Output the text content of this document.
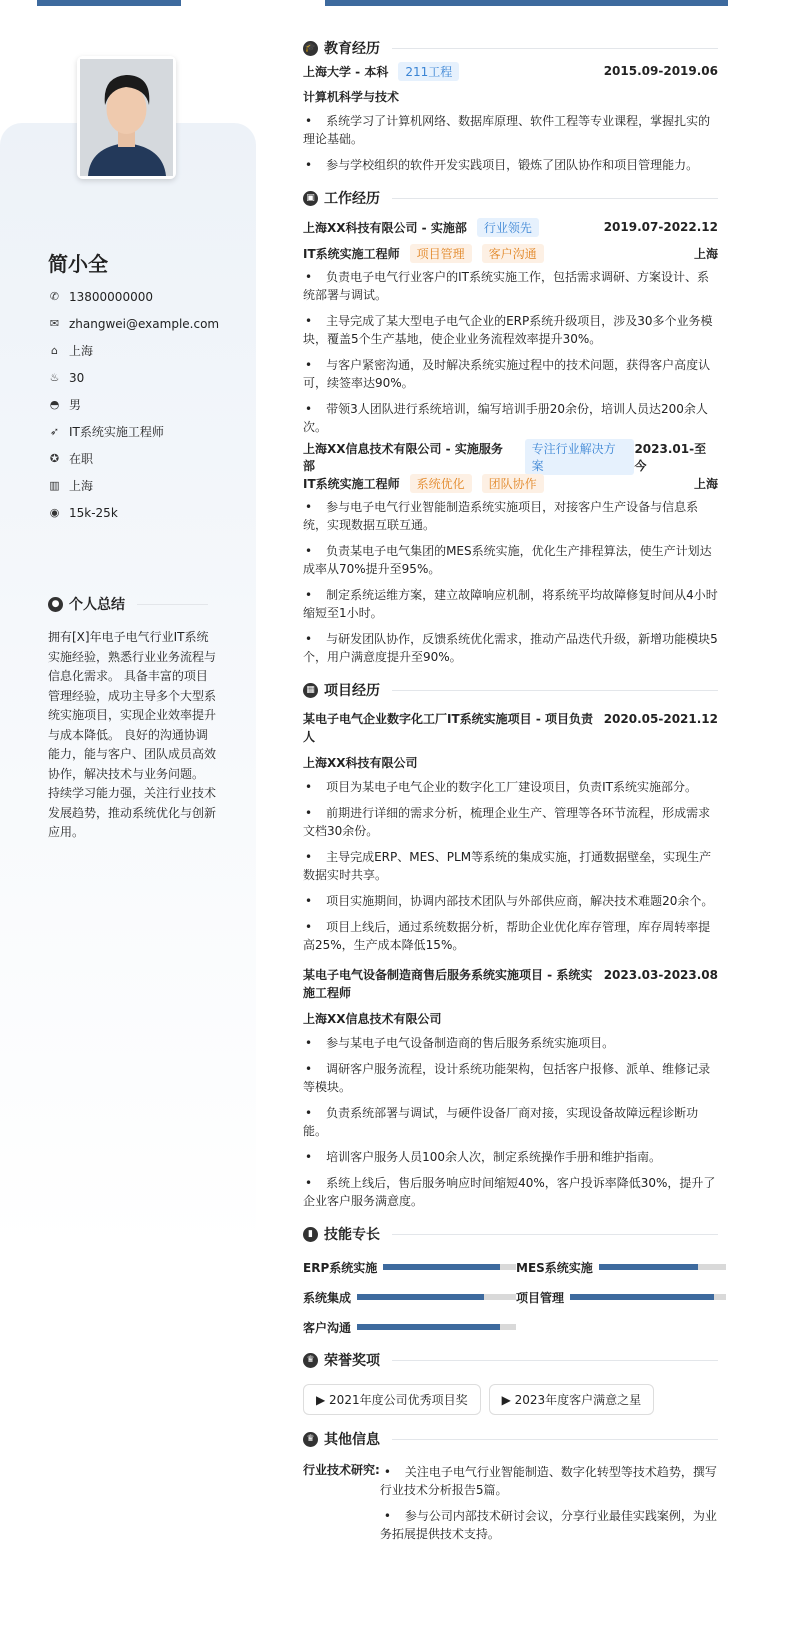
简小全
✆ 13800000000
✉ zhangwei@example.com
⌂ 上海
♨ 30
◓ 男
➶ IT系统实施工程师
✪ 在职
▥ 上海
◉ 15k-25k
● 个人总结
拥有[X]年电子电气行业IT系统实施经验，熟悉行业业务流程与信息化需求。 具备丰富的项目管理经验，成功主导多个大型系统实施项目，实现企业效率提升与成本降低。 良好的沟通协调能力，能与客户、团队成员高效协作，解决技术与业务问题。 持续学习能力强，关注行业技术发展趋势，推动系统优化与创新应用。
🎓 教育经历
上海大学 - 本科	211工程	2015.09-2019.06
计算机科学与技术
• 系统学习了计算机网络、数据库原理、软件工程等专业课程，掌握扎实的理论基础。
• 参与学校组织的软件开发实践项目，锻炼了团队协作和项目管理能力。
▣ 工作经历
上海XX科技有限公司 - 实施部	行业领先	2019.07-2022.12
IT系统实施工程师	项目管理	客户沟通	上海
• 负责电子电气行业客户的IT系统实施工作，包括需求调研、方案设计、系统部署与调试。
• 主导完成了某大型电子电气企业的ERP系统升级项目，涉及30多个业务模块，覆盖5个生产基地，使企业业务流程效率提升30%。
• 与客户紧密沟通，及时解决系统实施过程中的技术问题，获得客户高度认可，续签率达90%。
• 带领3人团队进行系统培训，编写培训手册20余份，培训人员达200余人次。
上海XX信息技术有限公司 - 实施服务部
专注行业解决方案
2023.01-至今
IT系统实施工程师	系统优化	团队协作	上海
• 参与电子电气行业智能制造系统实施项目，对接客户生产设备与信息系统，实现数据互联互通。
• 负责某电子电气集团的MES系统实施，优化生产排程算法，使生产计划达成率从70%提升至95%。
• 制定系统运维方案，建立故障响应机制，将系统平均故障修复时间从4小时缩短至1小时。
• 与研发团队协作，反馈系统优化需求，推动产品迭代升级，新增功能模块5个，用户满意度提升至90%。
▦ 项目经历
某电子电气企业数字化工厂IT系统实施项目 - 项目负责人
2020.05-2021.12
上海XX科技有限公司
• 项目为某电子电气企业的数字化工厂建设项目，负责IT系统实施部分。
• 前期进行详细的需求分析，梳理企业生产、管理等各环节流程，形成需求文档30余份。
• 主导完成ERP、MES、PLM等系统的集成实施，打通数据壁垒，实现生产数据实时共享。
• 项目实施期间，协调内部技术团队与外部供应商，解决技术难题20余个。
• 项目上线后，通过系统数据分析，帮助企业优化库存管理，库存周转率提高25%，生产成本降低15%。
某电子电气设备制造商售后服务系统实施项目 - 系统实施工程师
2023.03-2023.08
上海XX信息技术有限公司
• 参与某电子电气设备制造商的售后服务系统实施项目。
• 调研客户服务流程，设计系统功能架构，包括客户报修、派单、维修记录等模块。
• 负责系统部署与调试，与硬件设备厂商对接，实现设备故障远程诊断功能。
• 培训客户服务人员100余人次，制定系统操作手册和维护指南。
• 系统上线后，售后服务响应时间缩短40%，客户投诉率降低30%，提升了企业客户服务满意度。
▮ 技能专长
ERP系统实施	MES系统实施
系统集成	项目管理
客户沟通
♛ 荣誉奖项
▶ 2021年度公司优秀项目奖	▶ 2023年度客户满意之星
♛ 其他信息
行业技术研究:	• 关注电子电气行业智能制造、数字化转型等技术趋势，撰写行业技术分析报告5篇。
• 参与公司内部技术研讨会议，分享行业最佳实践案例，为业务拓展提供技术支持。
